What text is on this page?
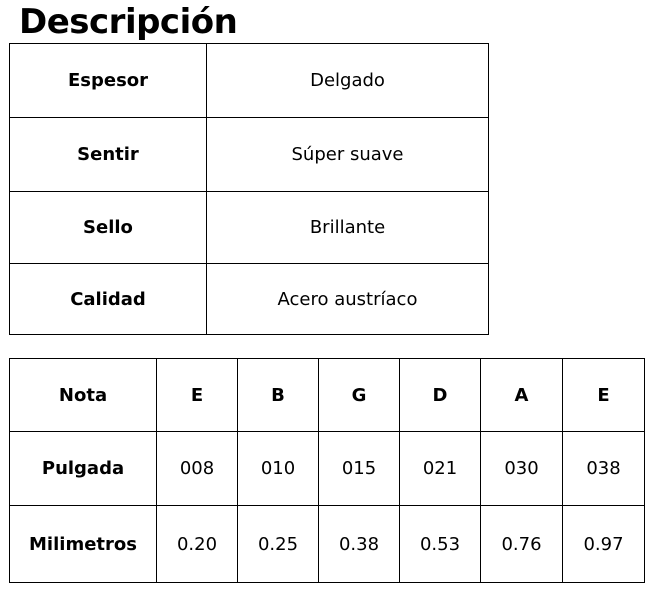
Descripción
Espesor	Delgado
Sentir	Súper suave
Sello	Brillante
Calidad	Acero austríaco
Nota	E	B	G	D	A	E
Pulgada	008	010	015	021	030	038
Milimetros	0.20	0.25	0.38	0.53	0.76	0.97
